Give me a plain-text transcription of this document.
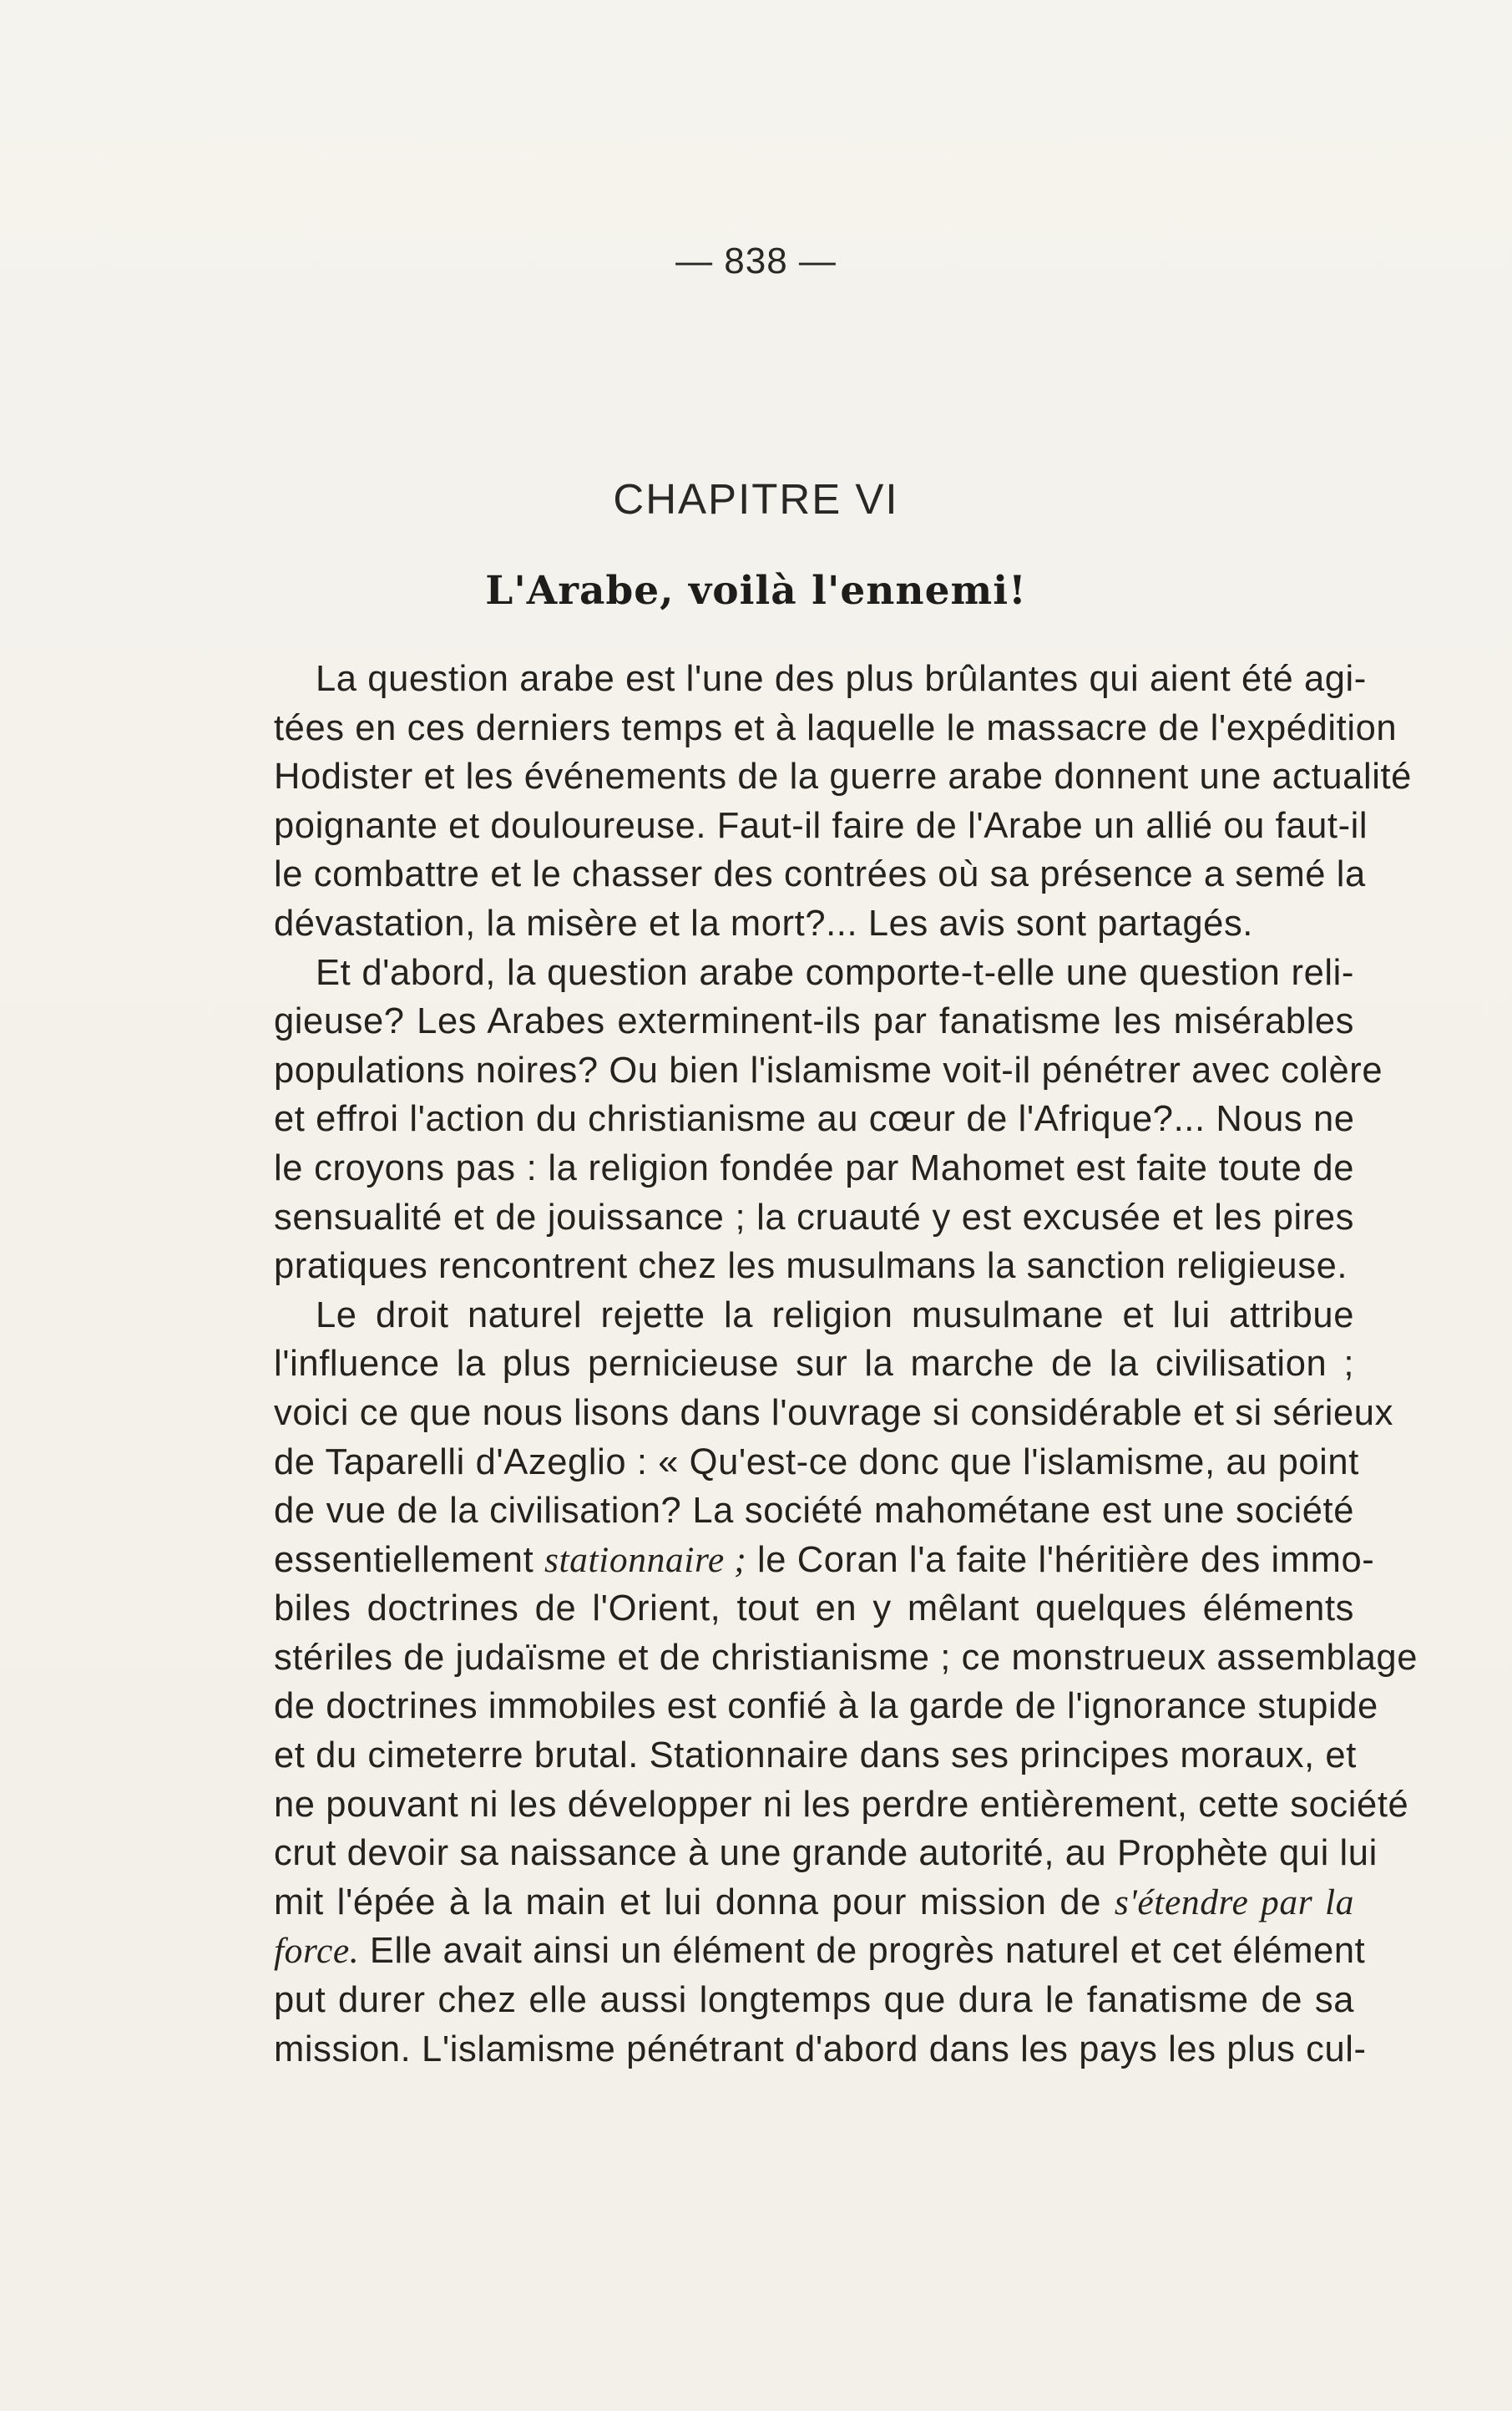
— 838 —
CHAPITRE VI
L'Arabe, voilà l'ennemi!
La question arabe est l'une des plus brûlantes qui aient été agi-
tées en ces derniers temps et à laquelle le massacre de l'expédition
Hodister et les événements de la guerre arabe donnent une actualité
poignante et douloureuse. Faut-il faire de l'Arabe un allié ou faut-il
le combattre et le chasser des contrées où sa présence a semé la
dévastation, la misère et la mort?... Les avis sont partagés.
Et d'abord, la question arabe comporte-t-elle une question reli-
gieuse? Les Arabes exterminent-ils par fanatisme les misérables
populations noires? Ou bien l'islamisme voit-il pénétrer avec colère
et effroi l'action du christianisme au cœur de l'Afrique?... Nous ne
le croyons pas : la religion fondée par Mahomet est faite toute de
sensualité et de jouissance ; la cruauté y est excusée et les pires
pratiques rencontrent chez les musulmans la sanction religieuse.
Le droit naturel rejette la religion musulmane et lui attribue
l'influence la plus pernicieuse sur la marche de la civilisation ;
voici ce que nous lisons dans l'ouvrage si considérable et si sérieux
de Taparelli d'Azeglio : « Qu'est-ce donc que l'islamisme, au point
de vue de la civilisation? La société mahométane est une société
essentiellement stationnaire ; le Coran l'a faite l'héritière des immo-
biles doctrines de l'Orient, tout en y mêlant quelques éléments
stériles de judaïsme et de christianisme ; ce monstrueux assemblage
de doctrines immobiles est confié à la garde de l'ignorance stupide
et du cimeterre brutal. Stationnaire dans ses principes moraux, et
ne pouvant ni les développer ni les perdre entièrement, cette société
crut devoir sa naissance à une grande autorité, au Prophète qui lui
mit l'épée à la main et lui donna pour mission de s'étendre par la
force. Elle avait ainsi un élément de progrès naturel et cet élément
put durer chez elle aussi longtemps que dura le fanatisme de sa
mission. L'islamisme pénétrant d'abord dans les pays les plus cul-
